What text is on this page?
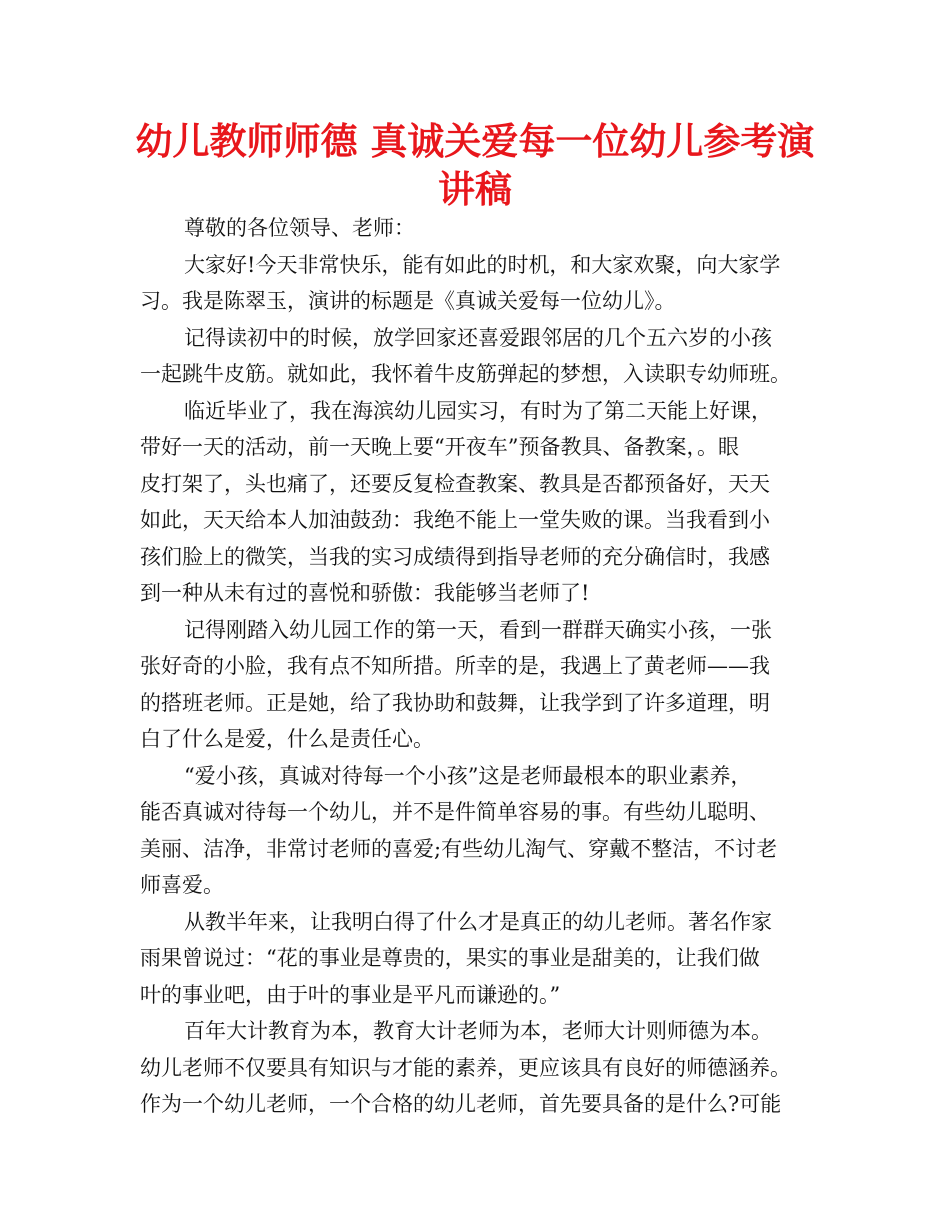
幼儿教师师德 真诚关爱每一位幼儿参考演
讲稿
尊敬的各位领导、老师：
大家好!今天非常快乐，能有如此的时机，和大家欢聚，向大家学
习。我是陈翠玉，演讲的标题是《真诚关爱每一位幼儿》。
记得读初中的时候，放学回家还喜爱跟邻居的几个五六岁的小孩
一起跳牛皮筋。就如此，我怀着牛皮筋弹起的梦想，入读职专幼师班。
临近毕业了，我在海滨幼儿园实习，有时为了第二天能上好课，
带好一天的活动，前一天晚上要“开夜车”预备教具、备教案，。眼
皮打架了，头也痛了，还要反复检查教案、教具是否都预备好，天天
如此，天天给本人加油鼓劲：我绝不能上一堂失败的课。当我看到小
孩们脸上的微笑，当我的实习成绩得到指导老师的充分确信时，我感
到一种从未有过的喜悦和骄傲：我能够当老师了!
记得刚踏入幼儿园工作的第一天，看到一群群天确实小孩，一张
张好奇的小脸，我有点不知所措。所幸的是，我遇上了黄老师——我
的搭班老师。正是她，给了我协助和鼓舞，让我学到了许多道理，明
白了什么是爱，什么是责任心。
“爱小孩，真诚对待每一个小孩”这是老师最根本的职业素养，
能否真诚对待每一个幼儿，并不是件简单容易的事。有些幼儿聪明、
美丽、洁净，非常讨老师的喜爱;有些幼儿淘气、穿戴不整洁，不讨老
师喜爱。
从教半年来，让我明白得了什么才是真正的幼儿老师。著名作家
雨果曾说过：“花的事业是尊贵的，果实的事业是甜美的，让我们做
叶的事业吧，由于叶的事业是平凡而谦逊的。”
百年大计教育为本，教育大计老师为本，老师大计则师德为本。
幼儿老师不仅要具有知识与才能的素养，更应该具有良好的师德涵养。
作为一个幼儿老师，一个合格的幼儿老师，首先要具备的是什么?可能
